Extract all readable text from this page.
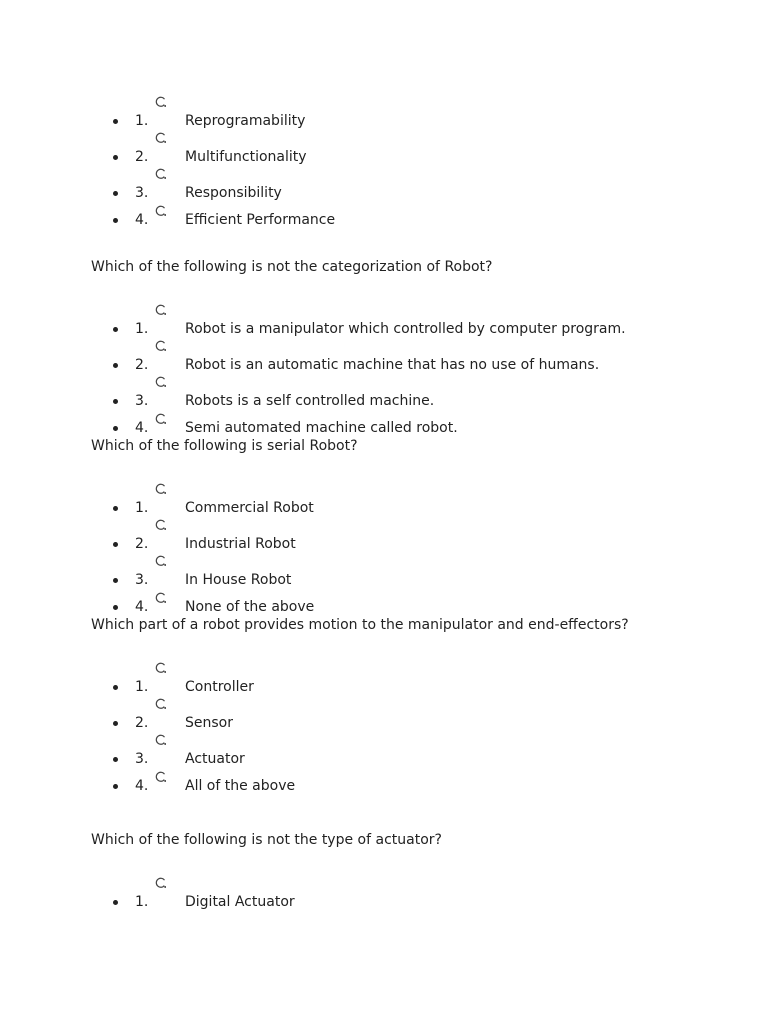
Which of the following is not the categorization of Robot?
Which of the following is serial Robot?
Which part of a robot provides motion to the manipulator and end-effectors?
Which of the following is not the type of actuator?
1.	Reprogramability
2.	Multifunctionality
3.	Responsibility
4.	Efficient Performance
1.	Robot is a manipulator which controlled by computer program.
2.	Robot is an automatic machine that has no use of humans.
3.	Robots is a self controlled machine.
4.	Semi automated machine called robot.
1.	Commercial Robot
2.	Industrial Robot
3.	In House Robot
4.	None of the above
1.	Controller
2.	Sensor
3.	Actuator
4.	All of the above
1.	Digital Actuator
